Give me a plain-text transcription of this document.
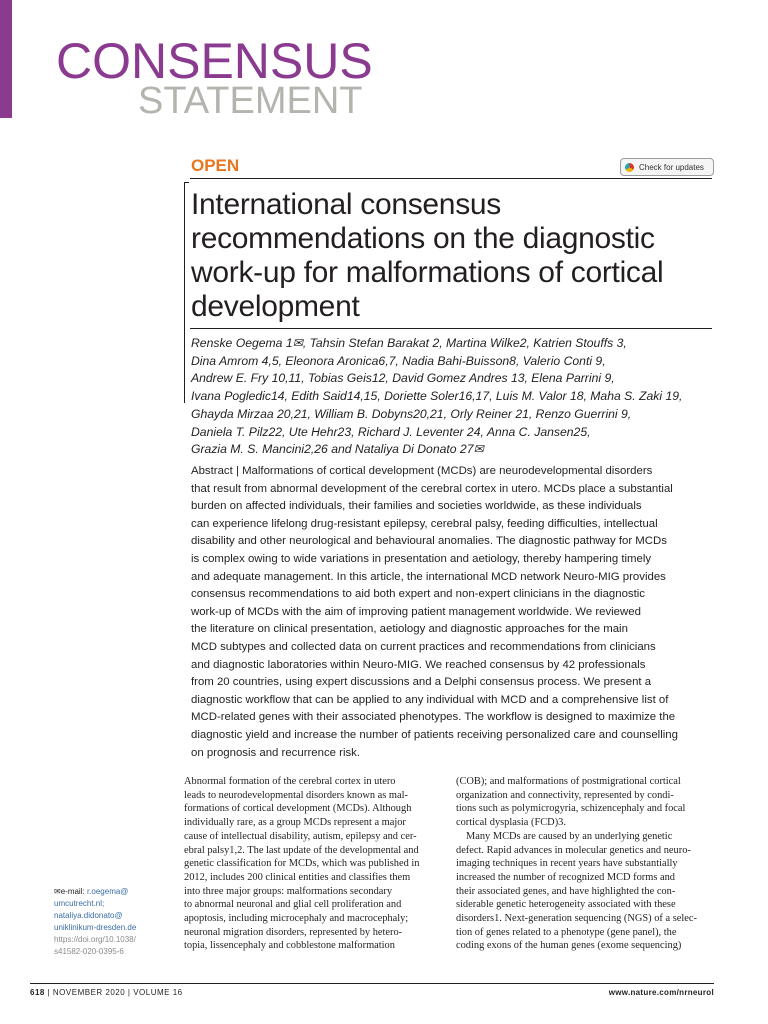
CONSENSUS
STATEMENT
OPEN	Check for updates
International consensus recommendations on the diagnostic work-up for malformations of cortical development

Renske Oegema 1✉, Tahsin Stefan Barakat 2, Martina Wilke2, Katrien Stouffs 3,

Dina Amrom 4,5, Eleonora Aronica6,7, Nadia Bahi-Buisson8, Valerio Conti 9,

Andrew E. Fry 10,11, Tobias Geis12, David Gomez Andres 13, Elena Parrini 9,

Ivana Pogledic14, Edith Said14,15, Doriette Soler16,17, Luis M. Valor 18, Maha S. Zaki 19,

Ghayda Mirzaa 20,21, William B. Dobyns20,21, Orly Reiner 21, Renzo Guerrini 9,

Daniela T. Pilz22, Ute Hehr23, Richard J. Leventer 24, Anna C. Jansen25,

Grazia M. S. Mancini2,26 and Nataliya Di Donato 27✉

Abstract | Malformations of cortical development (MCDs) are neurodevelopmental disorders

that result from abnormal development of the cerebral cortex in utero. MCDs place a substantial

burden on affected individuals, their families and societies worldwide, as these individuals

can experience lifelong drug-resistant epilepsy, cerebral palsy, feeding difficulties, intellectual

disability and other neurological and behavioural anomalies. The diagnostic pathway for MCDs

is complex owing to wide variations in presentation and aetiology, thereby hampering timely

and adequate management. In this article, the international MCD network Neuro-MIG provides

consensus recommendations to aid both expert and non-expert clinicians in the diagnostic

work-up of MCDs with the aim of improving patient management worldwide. We reviewed

the literature on clinical presentation, aetiology and diagnostic approaches for the main

MCD subtypes and collected data on current practices and recommendations from clinicians

and diagnostic laboratories within Neuro-MIG. We reached consensus by 42 professionals

from 20 countries, using expert discussions and a Delphi consensus process. We present a

diagnostic workflow that can be applied to any individual with MCD and a comprehensive list of

MCD-related genes with their associated phenotypes. The workflow is designed to maximize the

diagnostic yield and increase the number of patients receiving personalized care and counselling

on prognosis and recurrence risk.

Abnormal formation of the cerebral cortex in utero

leads to neurodevelopmental disorders known as mal-

formations of cortical development (MCDs). Although

individually rare, as a group MCDs represent a major

cause of intellectual disability, autism, epilepsy and cer-

ebral palsy1,2. The last update of the developmental and

genetic classification for MCDs, which was published in

2012, includes 200 clinical entities and classifies them

into three major groups: malformations secondary

to abnormal neuronal and glial cell proliferation and

apoptosis, including microcephaly and macrocephaly;

neuronal migration disorders, represented by hetero-

topia, lissencephaly and cobblestone malformation

(COB); and malformations of postmigrational cortical

organization and connectivity, represented by condi-

tions such as polymicrogyria, schizencephaly and focal

cortical dysplasia (FCD)3.

Many MCDs are caused by an underlying genetic

defect. Rapid advances in molecular genetics and neuro-

imaging techniques in recent years have substantially

increased the number of recognized MCD forms and

their associated genes, and have highlighted the con-

siderable genetic heterogeneity associated with these

disorders1. Next-generation sequencing (NGS) of a selec-

tion of genes related to a phenotype (gene panel), the

coding exons of the human genes (exome sequencing)

✉e-mail: r.oegema@

umcutrecht.nl;

nataliya.didonato@

uniklinikum-dresden.de

https://doi.org/10.1038/

s41582-020-0395-6

618 | NOVEMBER 2020 | VOLUME 16	www.nature.com/nrneurol
